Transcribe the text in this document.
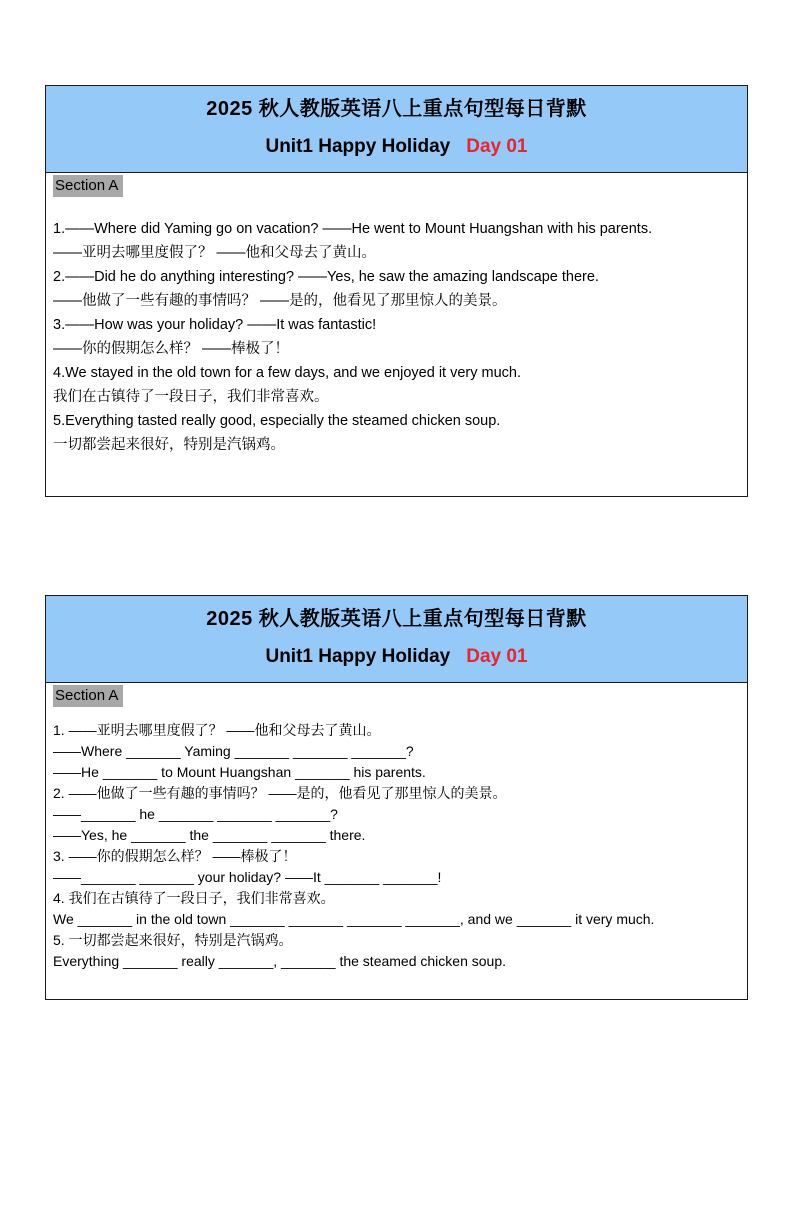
2025 秋人教版英语八上重点句型每日背默
Unit1 Happy Holiday Day 01
Section A
1.——Where did Yaming go on vacation? ——He went to Mount Huangshan with his parents.
——亚明去哪里度假了？ ——他和父母去了黄山。
2.——Did he do anything interesting? ——Yes, he saw the amazing landscape there.
——他做了一些有趣的事情吗？ ——是的，他看见了那里惊人的美景。
3.——How was your holiday? ——It was fantastic!
——你的假期怎么样？ ——棒极了！
4.We stayed in the old town for a few days, and we enjoyed it very much.
我们在古镇待了一段日子，我们非常喜欢。
5.Everything tasted really good, especially the steamed chicken soup.
一切都尝起来很好，特别是汽锅鸡。
2025 秋人教版英语八上重点句型每日背默
Unit1 Happy Holiday Day 01
Section A
1. ——亚明去哪里度假了？ ——他和父母去了黄山。
——Where _______ Yaming _______ _______ _______?
——He _______ to Mount Huangshan _______ his parents.
2. ——他做了一些有趣的事情吗？ ——是的，他看见了那里惊人的美景。
——_______ he _______ _______ _______?
——Yes, he _______ the _______ _______ there.
3. ——你的假期怎么样？ ——棒极了！
——_______ _______ your holiday? ——It _______ _______!
4. 我们在古镇待了一段日子，我们非常喜欢。
We _______ in the old town _______ _______ _______ _______, and we _______ it very much.
5. 一切都尝起来很好，特别是汽锅鸡。
Everything _______ really _______, _______ the steamed chicken soup.
